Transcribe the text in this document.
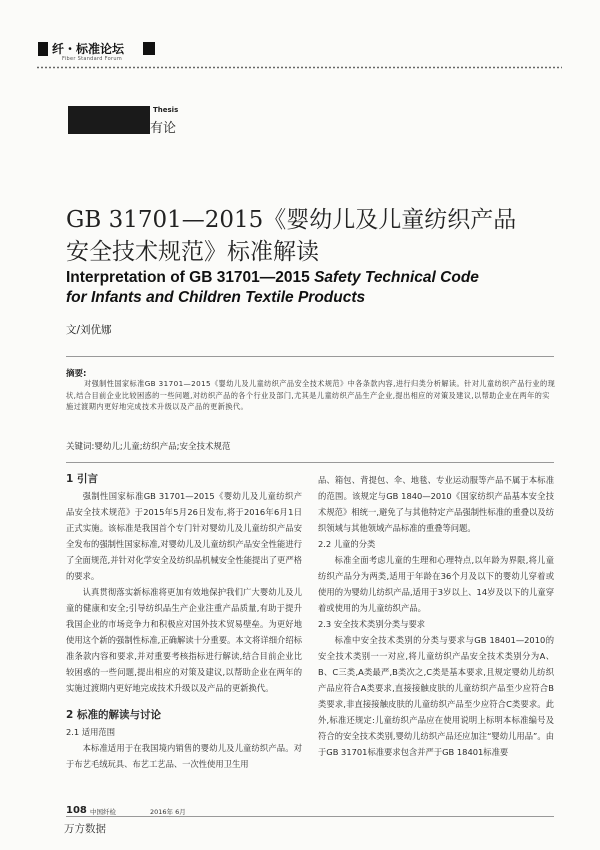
纤・标准论坛
Fiber Standard Forum
Thesis
有论
GB 31701—2015《婴幼儿及儿童纺织产品
安全技术规范》标准解读
Interpretation of GB 31701—2015 Safety Technical Code
for Infants and Children Textile Products
文/刘优娜
摘要:
对强制性国家标准GB 31701—2015《婴幼儿及儿童纺织产品安全技术规范》中各条款内容,进行归类分析解读。针对儿童纺织产品行业的现状,结合目前企业比较困惑的一些问题,对纺织产品的各个行业及部门,尤其是儿童纺织产品生产企业,提出相应的对策及建议,以帮助企业在两年的实施过渡期内更好地完成技术升级以及产品的更新换代。
关键词:婴幼儿;儿童;纺织产品;安全技术规范

1 引言

强制性国家标准GB 31701—2015《婴幼儿及儿童纺织产品安全技术规范》于2015年5月26日发布,将于2016年6月1日正式实施。该标准是我国首个专门针对婴幼儿及儿童纺织产品安全发布的强制性国家标准,对婴幼儿及儿童纺织产品安全性能进行了全面规范,并针对化学安全及纺织品机械安全性能提出了更严格的要求。

认真贯彻落实新标准将更加有效地保护我们广大婴幼儿及儿童的健康和安全;引导纺织品生产企业注重产品质量,有助于提升我国企业的市场竞争力和积极应对国外技术贸易壁垒。为更好地使用这个新的强制性标准,正确解读十分重要。本文将详细介绍标准条款内容和要求,并对重要考核指标进行解读,结合目前企业比较困惑的一些问题,提出相应的对策及建议,以帮助企业在两年的实施过渡期内更好地完成技术升级以及产品的更新换代。

2 标准的解读与讨论

2.1 适用范围

本标准适用于在我国境内销售的婴幼儿及儿童纺织产品。对于布艺毛绒玩具、布艺工艺品、一次性使用卫生用

品、箱包、背提包、伞、地毯、专业运动服等产品不属于本标准的范围。该规定与GB 1840—2010《国家纺织产品基本安全技术规范》相统一,避免了与其他特定产品强制性标准的重叠以及纺织领域与其他领域产品标准的重叠等问题。

2.2 儿童的分类

标准全面考虑儿童的生理和心理特点,以年龄为界限,将儿童纺织产品分为两类,适用于年龄在36个月及以下的婴幼儿穿着或使用的为婴幼儿纺织产品,适用于3岁以上、14岁及以下的儿童穿着或使用的为儿童纺织产品。

2.3 安全技术类别分类与要求

标准中安全技术类别的分类与要求与GB 18401—2010的安全技术类别一一对应,将儿童纺织产品安全技术类别分为A、B、C三类,A类最严,B类次之,C类是基本要求,且规定婴幼儿纺织产品应符合A类要求,直接接触皮肤的儿童纺织产品至少应符合B类要求,非直接接触皮肤的儿童纺织产品至少应符合C类要求。此外,标准还规定:儿童纺织产品应在使用说明上标明本标准编号及符合的安全技术类别,婴幼儿纺织产品还应加注“婴幼儿用品”。由于GB 31701标准要求包含并严于GB 18401标准要

108 中国纤检	2016年 6月
万方数据
